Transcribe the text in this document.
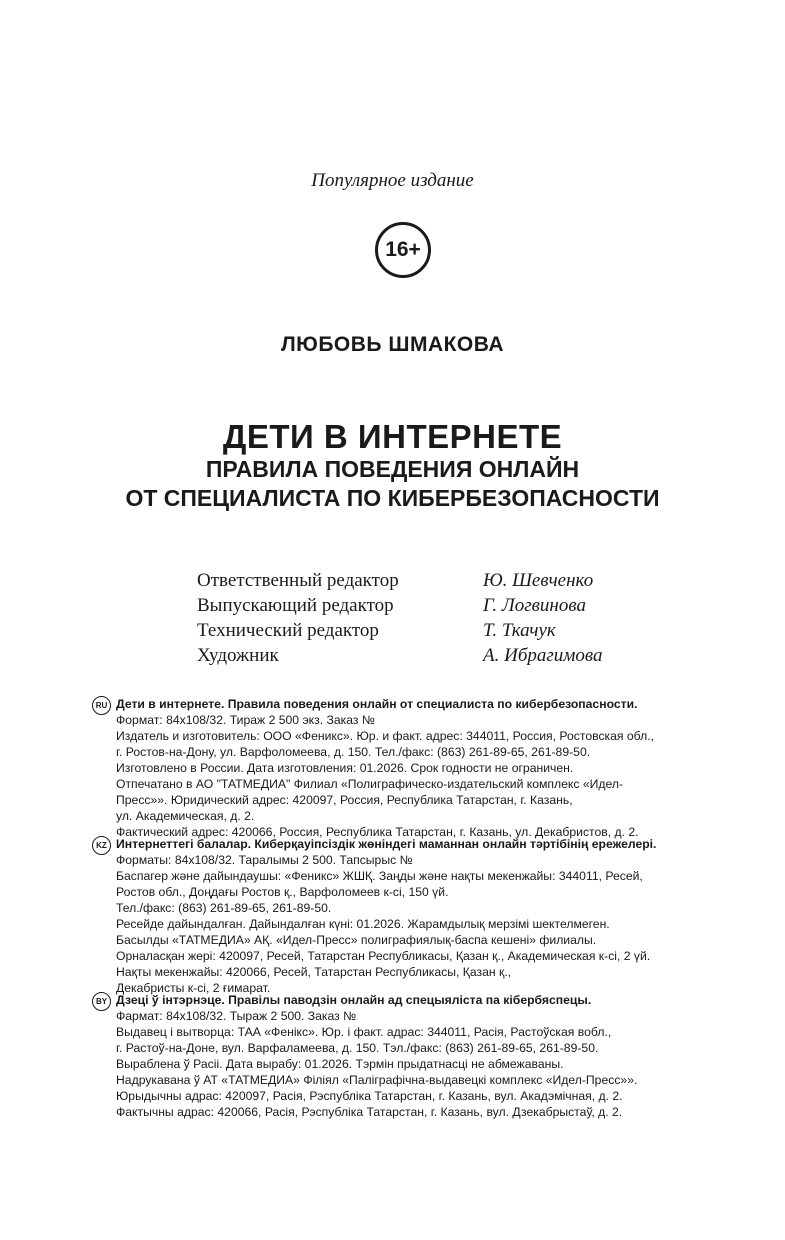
Популярное издание
16+
ЛЮБОВЬ ШМАКОВА
ДЕТИ В ИНТЕРНЕТЕ
ПРАВИЛА ПОВЕДЕНИЯ ОНЛАЙН
ОТ СПЕЦИАЛИСТА ПО КИБЕРБЕЗОПАСНОСТИ
Ответственный редактор	Ю. Шевченко
Выпускающий редактор	Г. Логвинова
Технический редактор	Т. Ткачук
Художник	А. Ибрагимова
RU Дети в интернете. Правила поведения онлайн от специалиста по кибербезопасности.
Формат: 84х108/32. Тираж 2 500 экз. Заказ №
Издатель и изготовитель: ООО «Феникс». Юр. и факт. адрес: 344011, Россия, Ростовская обл.,
г. Ростов-на-Дону, ул. Варфоломеева, д. 150. Тел./факс: (863) 261-89-65, 261-89-50.
Изготовлено в России. Дата изготовления: 01.2026. Срок годности не ограничен.
Отпечатано в АО "ТАТМЕДИА" Филиал «Полиграфическо-издательский комплекс «Идел-
Пресс»». Юридический адрес: 420097, Россия, Республика Татарстан, г. Казань,
ул. Академическая, д. 2.
Фактический адрес: 420066, Россия, Республика Татарстан, г. Казань, ул. Декабристов, д. 2.
KZ Интернеттегі балалар. Киберқауіпсіздік жөніндегі маманнан онлайн тәртібінің ережелері.
Форматы: 84х108/32. Таралымы 2 500. Тапсырыс №
Баспагер және дайындаушы: «Феникс» ЖШҚ. Заңды және нақты мекенжайы: 344011, Ресей,
Ростов обл., Доңдағы Ростов қ., Варфоломеев к-сі, 150 үй.
Тел./факс: (863) 261-89-65, 261-89-50.
Ресейде дайындалған. Дайындалған күні: 01.2026. Жарамдылық мерзімі шектелмеген.
Басылды «ТАТМЕДИА» АҚ. «Идел-Пресс» полиграфиялық-баспа кешені» филиалы.
Орналасқан жері: 420097, Ресей, Татарстан Республикасы, Қазан қ., Академическая к-сі, 2 үй.
Нақты мекенжайы: 420066, Ресей, Татарстан Республикасы, Қазан қ.,
Декабристы к-сі, 2 ғимарат.
BY Дзеці ў інтэрнэце. Правілы паводзін онлайн ад спецыяліста па кібербяспецы.
Фармат: 84х108/32. Тыраж 2 500. Заказ №
Выдавец і вытворца: ТАА «Фенікс». Юр. і факт. адрас: 344011, Расія, Растоўская вобл.,
г. Растоў-на-Доне, вул. Варфаламеева, д. 150. Тэл./факс: (863) 261-89-65, 261-89-50.
Выраблена ў Расіі. Дата вырабу: 01.2026. Тэрмін прыдатнасці не абмежаваны.
Надрукавана ў АТ «ТАТМЕДИА» Філіял «Паліграфічна-выдавецкі комплекс «Идел-Пресс»».
Юрыдычны адрас: 420097, Расія, Рэспубліка Татарстан, г. Казань, вул. Акадэмічная, д. 2.
Фактычны адрас: 420066, Расія, Рэспубліка Татарстан, г. Казань, вул. Дзекабрыстаў, д. 2.
